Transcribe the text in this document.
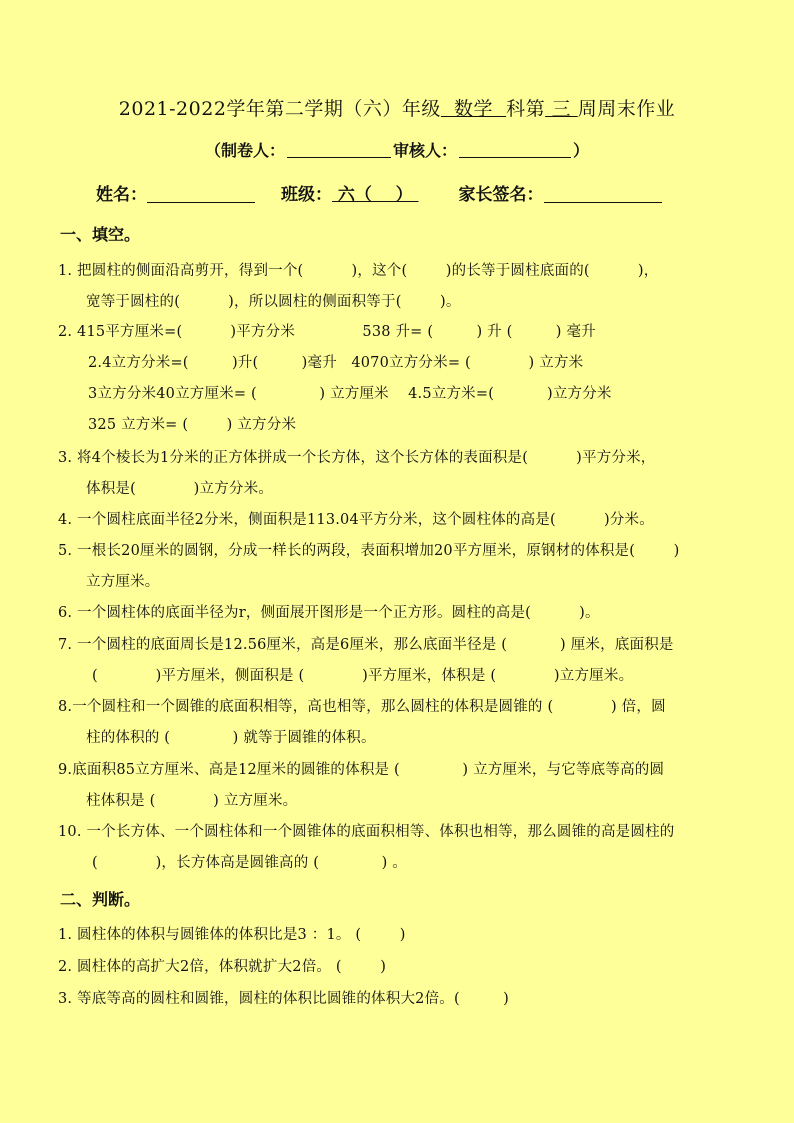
2021-2022学年第二学期（六）年级  数学  科第 三 周周末作业
（制卷人：	审核人：	）
姓名：	班级： 六（    ） 家长签名：
一、填空。
1. 把圆柱的侧面沿高剪开，得到一个(          )，这个(        )的长等于圆柱底面的(          )，
宽等于圆柱的(          )，所以圆柱的侧面积等于(        )。
2. 415平方厘米=(          )平方分米              538 升= (         ) 升 (         ) 毫升
2.4立方分米=(         )升(         )毫升   4070立方分米= (            ) 立方米
3立方分米40立方厘米= (             ) 立方厘米    4.5立方米=(           )立方分米
325 立方米= (        ) 立方分米
3. 将4个棱长为1分米的正方体拼成一个长方体，这个长方体的表面积是(          )平方分米，
体积是(            )立方分米。
4. 一个圆柱底面半径2分米，侧面积是113.04平方分米，这个圆柱体的高是(          )分米。
5. 一根长20厘米的圆钢，分成一样长的两段，表面积增加20平方厘米，原钢材的体积是(        )
立方厘米。
6. 一个圆柱体的底面半径为r，侧面展开图形是一个正方形。圆柱的高是(          )。
7. 一个圆柱的底面周长是12.56厘米，高是6厘米，那么底面半径是 (           ) 厘米，底面积是
(            )平方厘米，侧面积是 (            )平方厘米，体积是 (            )立方厘米。
8.一个圆柱和一个圆锥的底面积相等，高也相等，那么圆柱的体积是圆锥的 (            ) 倍，圆
柱的体积的 (             ) 就等于圆锥的体积。
9.底面积85立方厘米、高是12厘米的圆锥的体积是 (             ) 立方厘米，与它等底等高的圆
柱体积是 (            ) 立方厘米。
10. 一个长方体、一个圆柱体和一个圆锥体的底面积相等、体积也相等，那么圆锥的高是圆柱的
(            )，长方体高是圆锥高的 (             ) 。
二、判断。
1. 圆柱体的体积与圆锥体的体积比是3 ：1。 (        )
2. 圆柱体的高扩大2倍，体积就扩大2倍。 (        )
3. 等底等高的圆柱和圆锥，圆柱的体积比圆锥的体积大2倍。(         )
